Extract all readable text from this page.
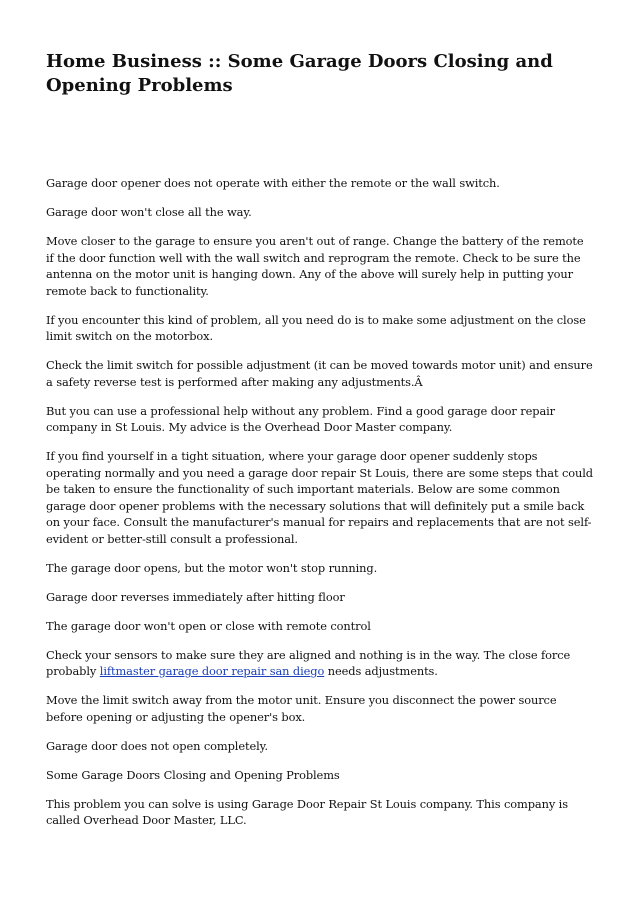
Home Business :: Some Garage Doors Closing and Opening Problems

Garage door opener does not operate with either the remote or the wall switch.

Garage door won't close all the way.

Move closer to the garage to ensure you aren't out of range. Change the battery of the remote if the door function well with the wall switch and reprogram the remote. Check to be sure the antenna on the motor unit is hanging down. Any of the above will surely help in putting your remote back to functionality.

If you encounter this kind of problem, all you need do is to make some adjustment on the close limit switch on the motorbox.

Check the limit switch for possible adjustment (it can be moved towards motor unit) and ensure a safety reverse test is performed after making any adjustments.Â

But you can use a professional help without any problem. Find a good garage door repair company in St Louis. My advice is the Overhead Door Master company.

If you find yourself in a tight situation, where your garage door opener suddenly stops operating normally and you need a garage door repair St Louis, there are some steps that could be taken to ensure the functionality of such important materials. Below are some common garage door opener problems with the necessary solutions that will definitely put a smile back on your face. Consult the manufacturer's manual for repairs and replacements that are not self-evident or better-still consult a professional.

The garage door opens, but the motor won't stop running.

Garage door reverses immediately after hitting floor

The garage door won't open or close with remote control

Check your sensors to make sure they are aligned and nothing is in the way. The close force probably liftmaster garage door repair san diego needs adjustments.

Move the limit switch away from the motor unit. Ensure you disconnect the power source before opening or adjusting the opener's box.

Garage door does not open completely.

Some Garage Doors Closing and Opening Problems

This problem you can solve is using Garage Door Repair St Louis company. This company is called Overhead Door Master, LLC.
